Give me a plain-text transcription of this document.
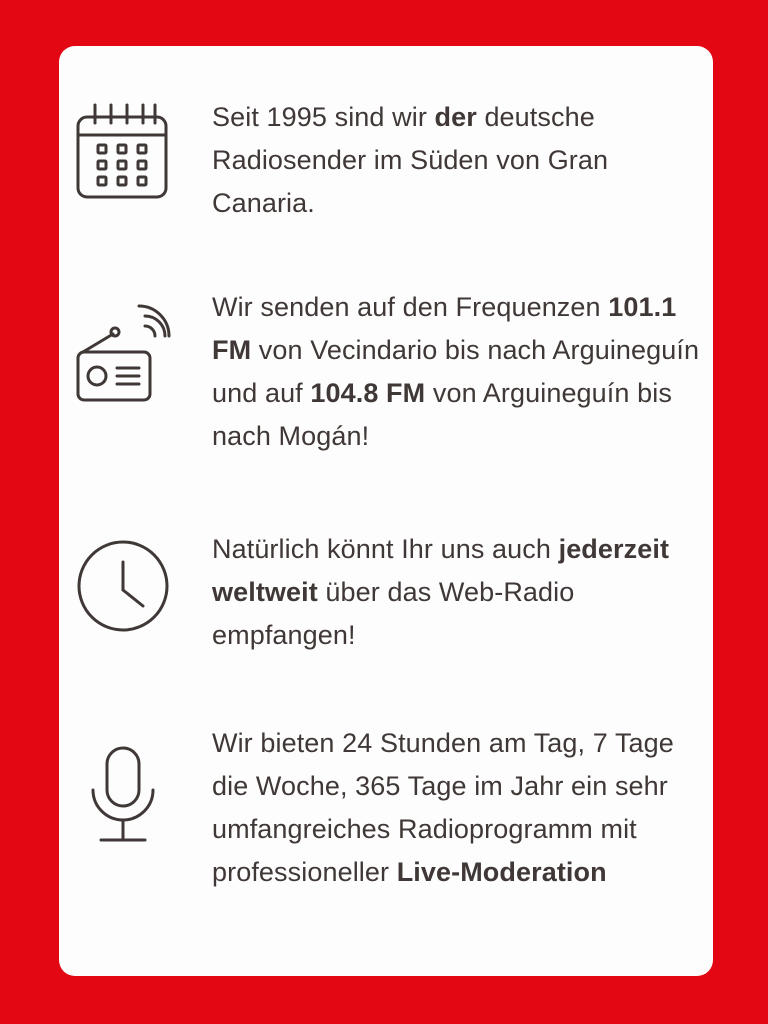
Seit 1995 sind wir der deutsche Radiosender im Süden von Gran Canaria.
Wir senden auf den Frequenzen 101.1 FM von Vecindario bis nach Arguineguín und auf 104.8 FM von Arguineguín bis nach Mogán!
Natürlich könnt Ihr uns auch jederzeit weltweit über das Web-Radio empfangen!
Wir bieten 24 Stunden am Tag, 7 Tage die Woche, 365 Tage im Jahr ein sehr umfangreiches Radioprogramm mit professioneller Live-Moderation
